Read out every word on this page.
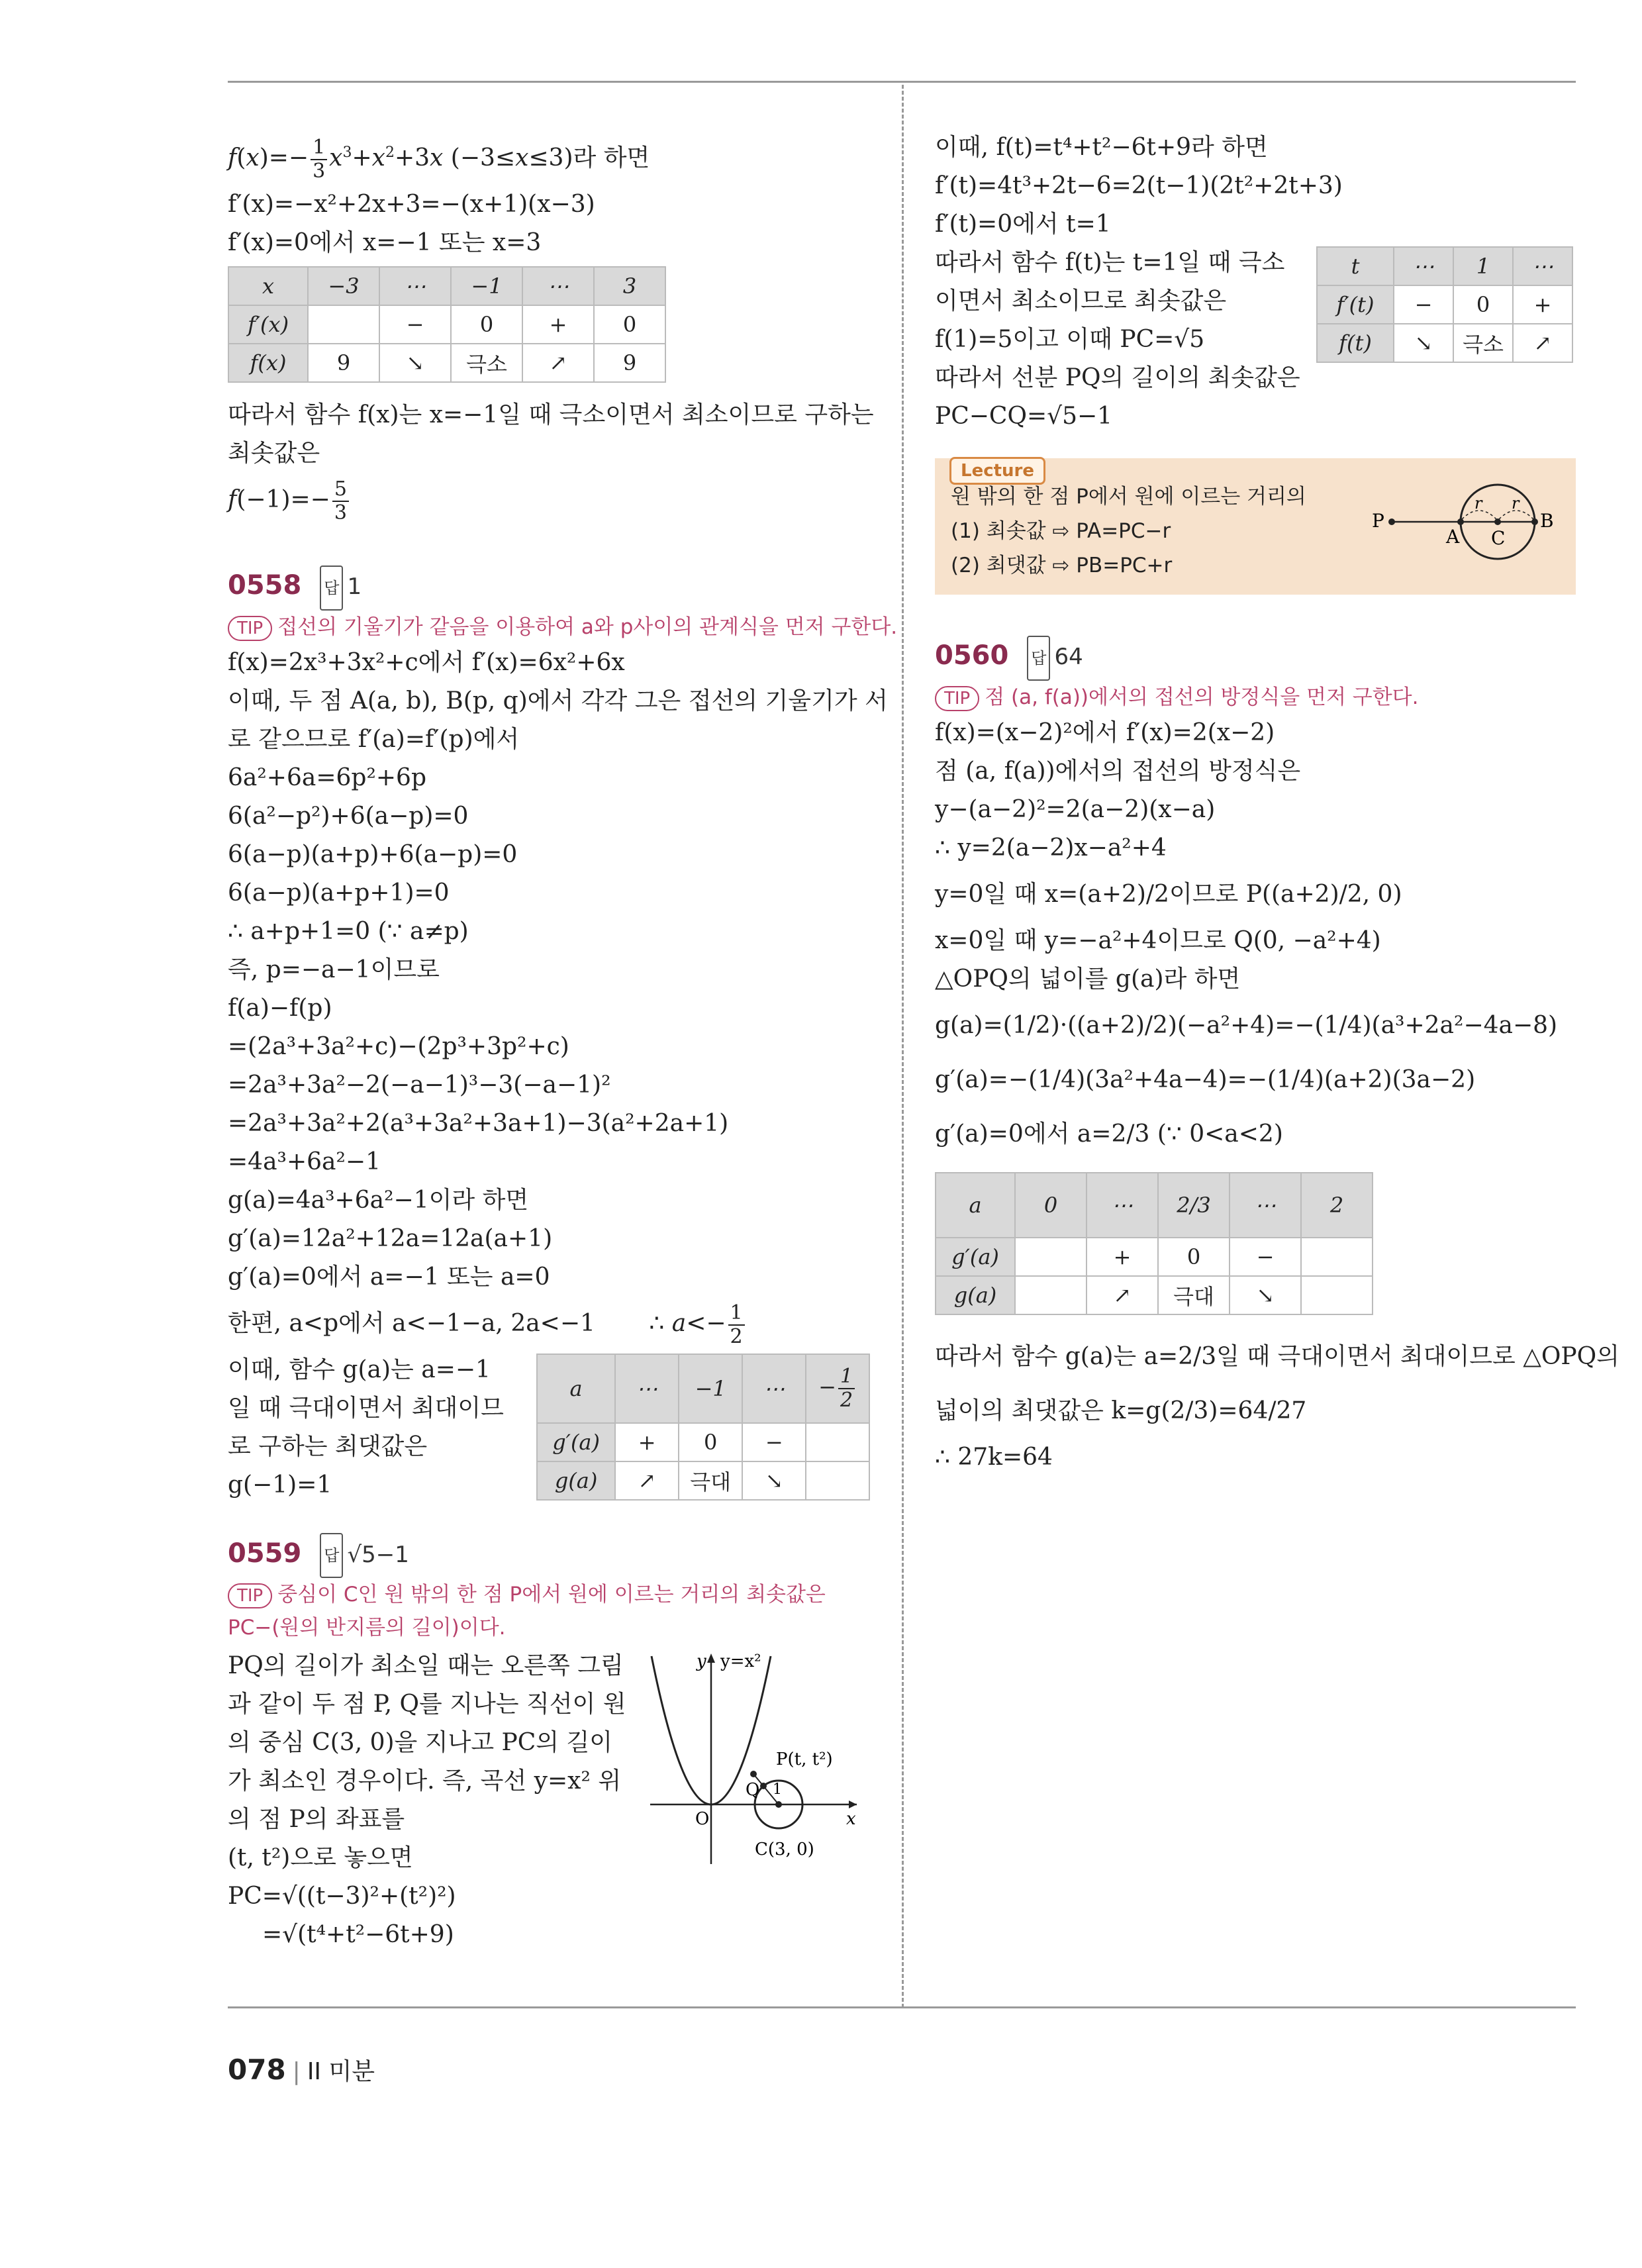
$f(x)=- \frac{1}{3} x^3+x^2+3x$ (−3≤x≤3)라 하면
f′(x)=−x²+2x+3=−(x+1)(x−3)
f′(x)=0에서 x=−1 또는 x=3
x	−3	⋯	−1	⋯	3
f′(x)		−	0	+	0
f(x)	9	↘	극소	↗	9
따라서 함수 f(x)는 x=−1일 때 극소이면서 최소이므로 구하는
최솟값은
$f(-1)=- \frac{5}{3}$
0558 답 1
TIP 접선의 기울기가 같음을 이용하여 a와 p사이의 관계식을 먼저 구한다.
f(x)=2x³+3x²+c에서 f′(x)=6x²+6x
이때, 두 점 A(a, b), B(p, q)에서 각각 그은 접선의 기울기가 서
로 같으므로 f′(a)=f′(p)에서
6a²+6a=6p²+6p
6(a²−p²)+6(a−p)=0
6(a−p)(a+p)+6(a−p)=0
6(a−p)(a+p+1)=0
∴ a+p+1=0 (∵ a≠p)
즉, p=−a−1이므로
f(a)−f(p)
=(2a³+3a²+c)−(2p³+3p²+c)
=2a³+3a²−2(−a−1)³−3(−a−1)²
=2a³+3a²+2(a³+3a²+3a+1)−3(a²+2a+1)
=4a³+6a²−1
g(a)=4a³+6a²−1이라 하면
g′(a)=12a²+12a=12a(a+1)
g′(a)=0에서 a=−1 또는 a=0
한편, a<p에서 a<−1−a, 2a<−1 ∴ $a<- \frac{1}{2}$
이때, 함수 g(a)는 a=−1
일 때 극대이면서 최대이므
로 구하는 최댓값은
g(−1)=1
a	⋯	−1	⋯	− $\frac{1}{2}$

g′(a)	+	0	−	
g(a)	↗	극대	↘	
0559 답 √5−1
TIP 중심이 C인 원 밖의 한 점 P에서 원에 이르는 거리의 최솟값은
PC−(원의 반지름의 길이)이다.
PQ의 길이가 최소일 때는 오른쪽 그림
과 같이 두 점 P, Q를 지나는 직선이 원
의 중심 C(3, 0)을 지나고 PC의 길이
가 최소인 경우이다. 즉, 곡선 y=x² 위
의 점 P의 좌표를
(t, t²)으로 놓으면
PC=√((t−3)²+(t²)²)
=√(t⁴+t²−6t+9)
y y=x²
x
O
P(t, t²)
Q 1
C(3, 0)
이때, f(t)=t⁴+t²−6t+9라 하면
f′(t)=4t³+2t−6=2(t−1)(2t²+2t+3)
f′(t)=0에서 t=1
따라서 함수 f(t)는 t=1일 때 극소
이면서 최소이므로 최솟값은
f(1)=5이고 이때 PC=√5
따라서 선분 PQ의 길이의 최솟값은
PC−CQ=√5−1
t	⋯	1	⋯
f′(t)	−	0	+
f(t)	↘	극소	↗
Lecture
원 밖의 한 점 P에서 원에 이르는 거리의
(1) 최솟값 ⇨ PA=PC−r
(2) 최댓값 ⇨ PB=PC+r
r r
P
A C
B
0560 답 64
TIP 점 (a, f(a))에서의 접선의 방정식을 먼저 구한다.
f(x)=(x−2)²에서 f′(x)=2(x−2)
점 (a, f(a))에서의 접선의 방정식은
y−(a−2)²=2(a−2)(x−a)
∴ y=2(a−2)x−a²+4
y=0일 때 x=(a+2)/2이므로 P((a+2)/2, 0)
x=0일 때 y=−a²+4이므로 Q(0, −a²+4)
△OPQ의 넓이를 g(a)라 하면
g(a)=(1/2)·((a+2)/2)(−a²+4)=−(1/4)(a³+2a²−4a−8)
g′(a)=−(1/4)(3a²+4a−4)=−(1/4)(a+2)(3a−2)
g′(a)=0에서 a=2/3 (∵ 0<a<2)
a	0	⋯	2/3	⋯	2
g′(a)		+	0	−	
g(a)		↗	극대	↘	
따라서 함수 g(a)는 a=2/3일 때 극대이면서 최대이므로 △OPQ의
넓이의 최댓값은 k=g(2/3)=64/27
∴ 27k=64
078 | II 미분
